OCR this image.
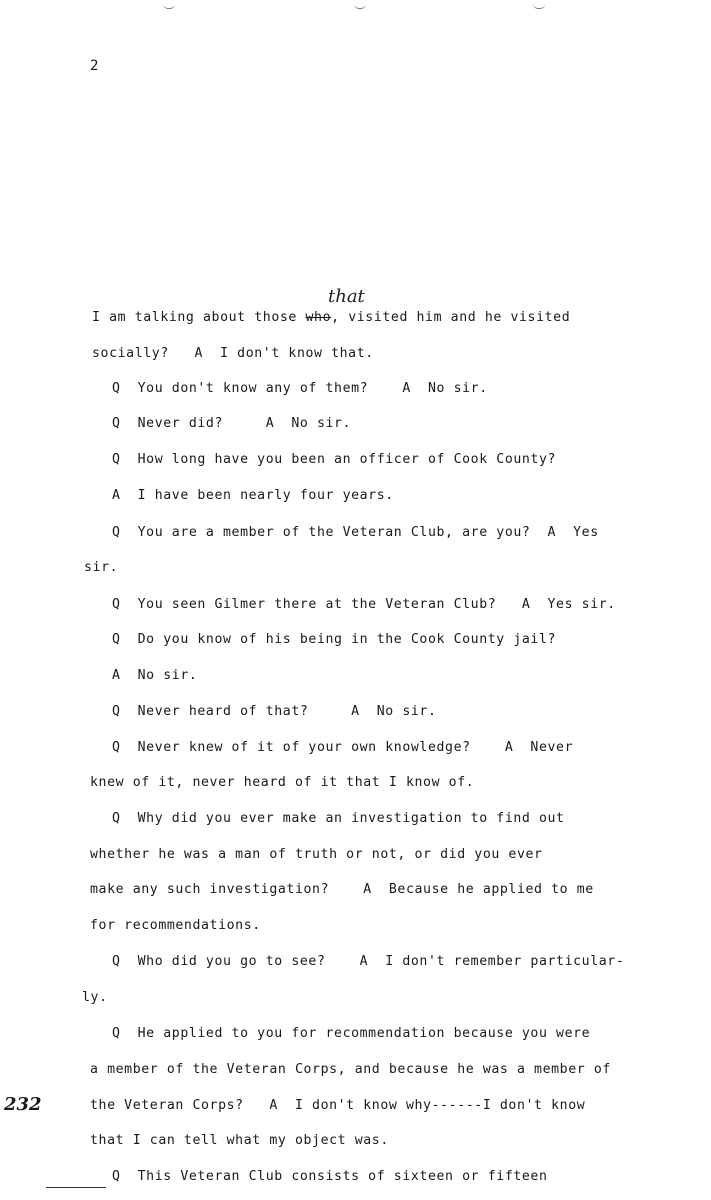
2
that
I am talking about those who, visited him and he visited
socially?   A  I don't know that.
Q  You don't know any of them?    A  No sir.
Q  Never did?     A  No sir.
Q  How long have you been an officer of Cook County?
A  I have been nearly four years.
Q  You are a member of the Veteran Club, are you?  A  Yes
sir.
Q  You seen Gilmer there at the Veteran Club?   A  Yes sir.
Q  Do you know of his being in the Cook County jail?
A  No sir.
Q  Never heard of that?     A  No sir.
Q  Never knew of it of your own knowledge?    A  Never
knew of it, never heard of it that I know of.
Q  Why did you ever make an investigation to find out
whether he was a man of truth or not, or did you ever
make any such investigation?    A  Because he applied to me
for recommendations.
Q  Who did you go to see?    A  I don't remember particular-
ly.
Q  He applied to you for recommendation because you were
a member of the Veteran Corps, and because he was a member of
the Veteran Corps?   A  I don't know why------I don't know
that I can tell what my object was.
Q  This Veteran Club consists of sixteen or fifteen
232
